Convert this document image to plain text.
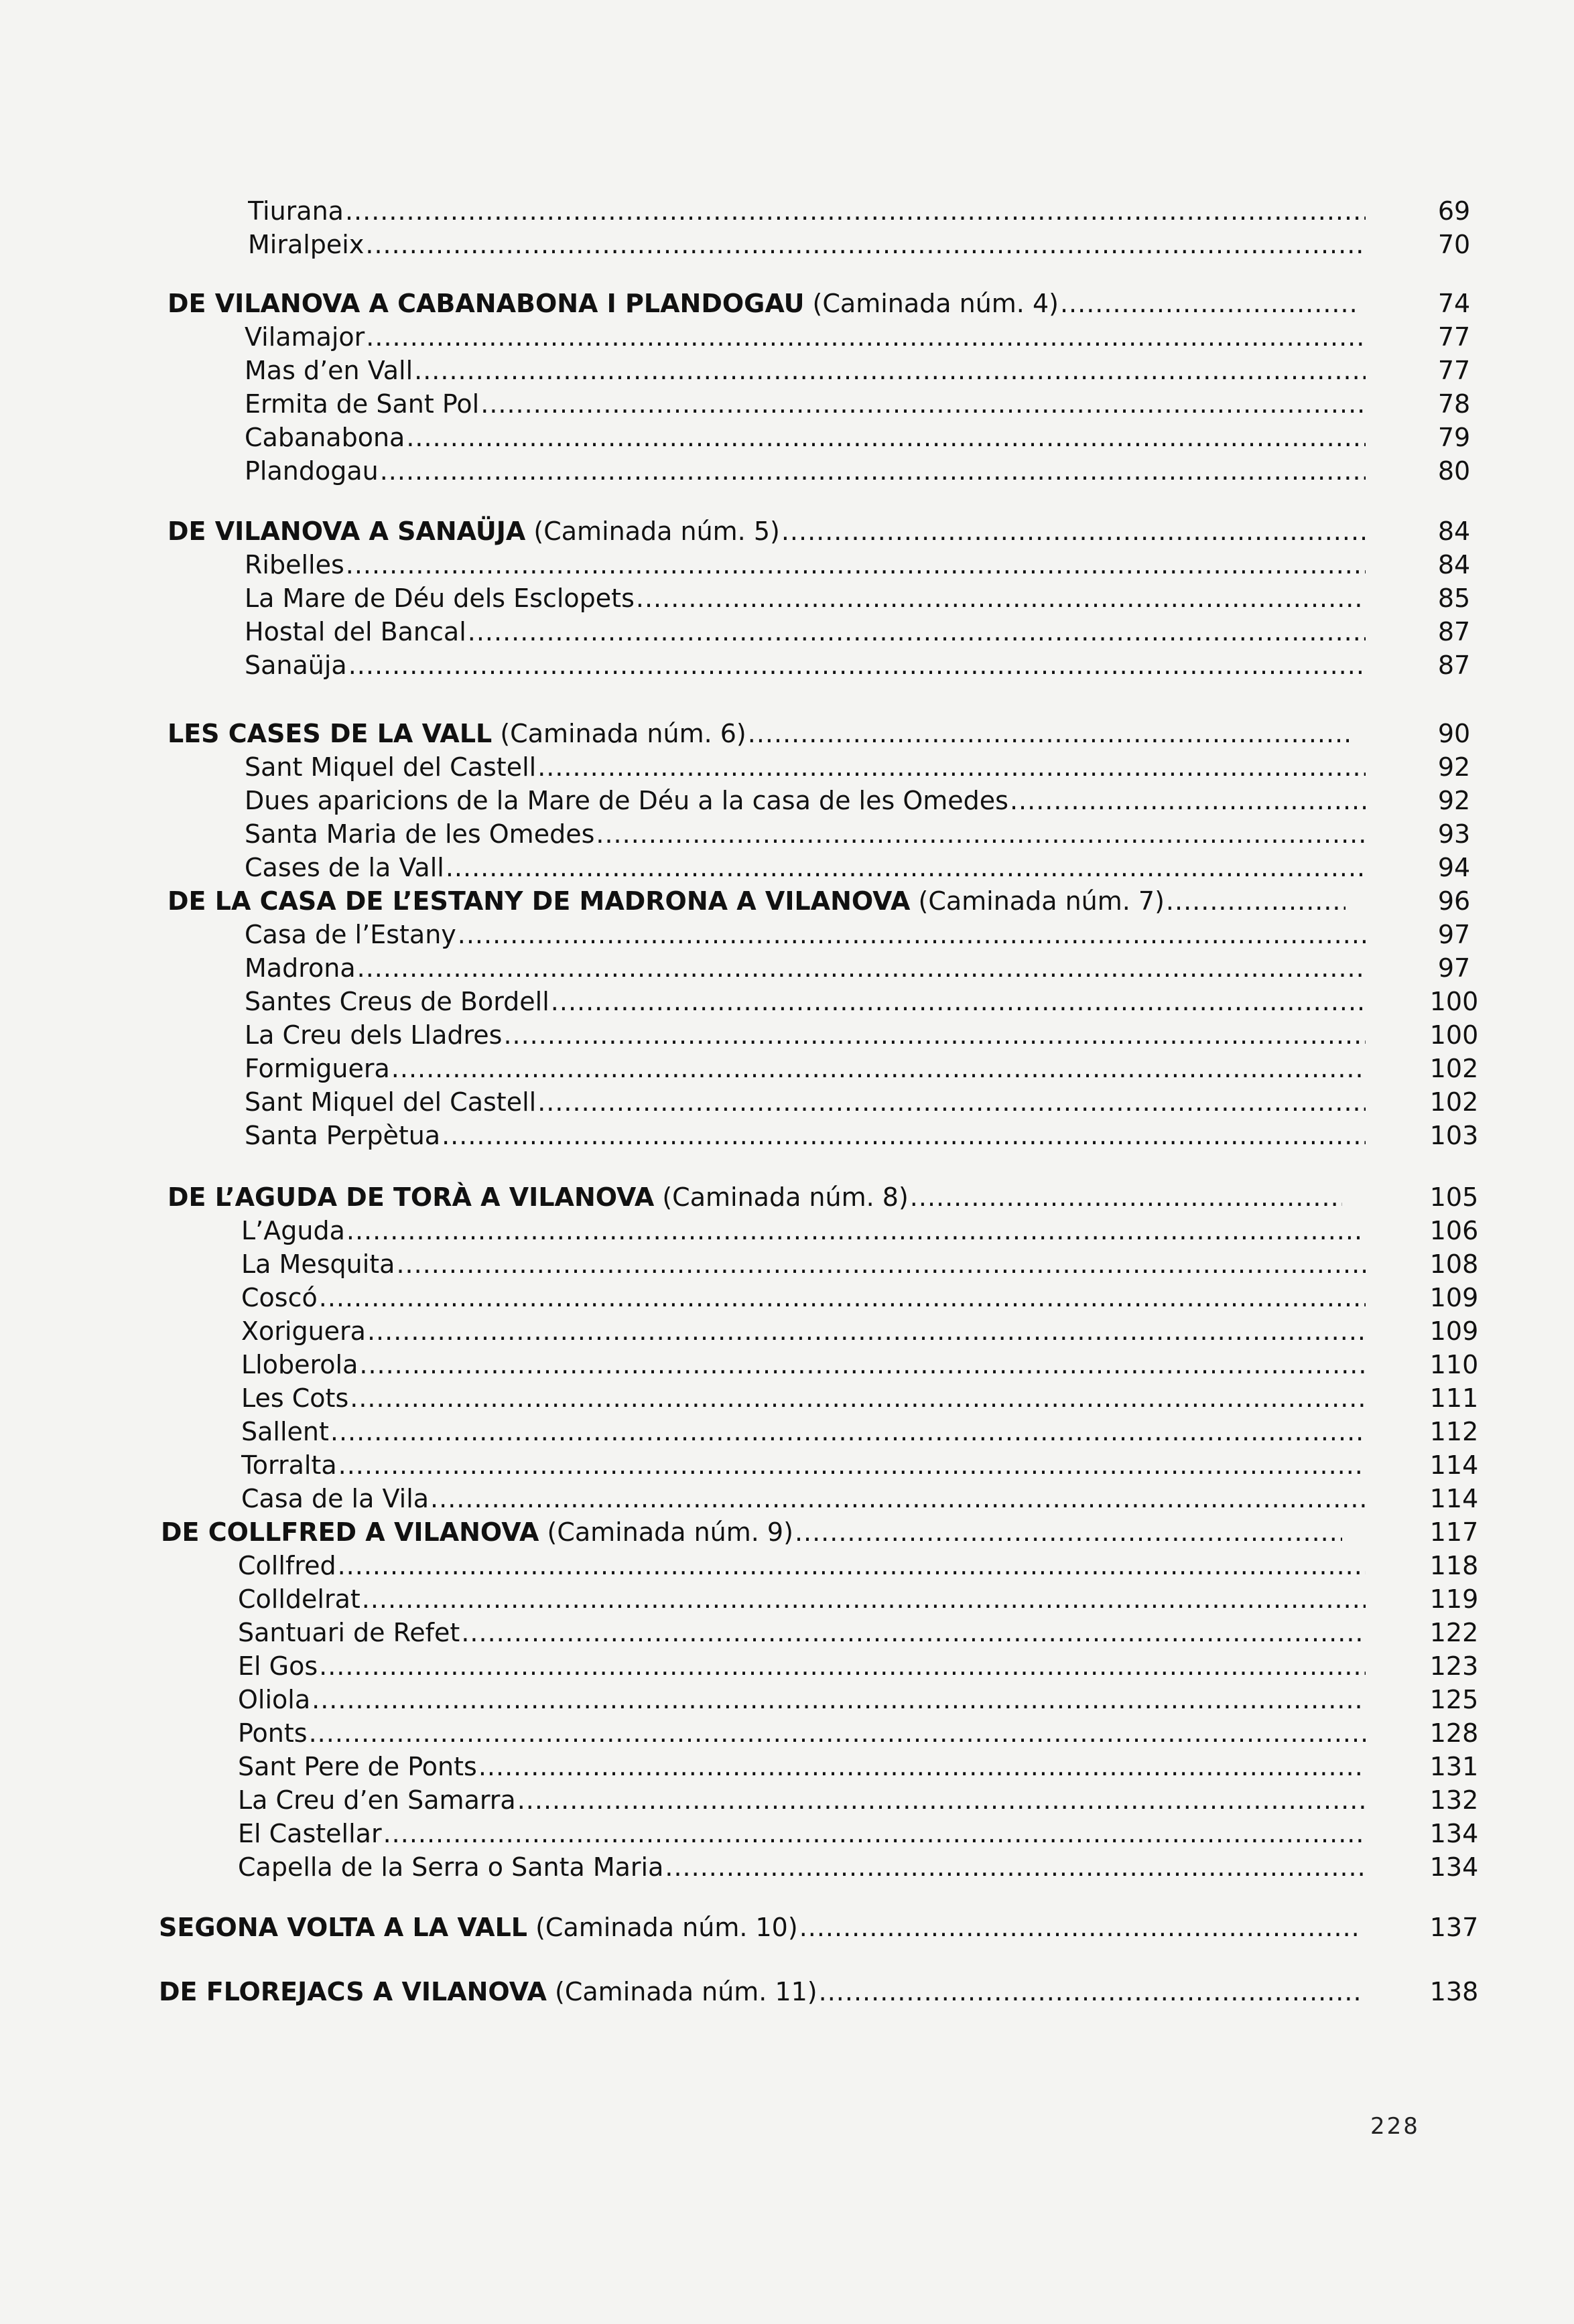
Tiurana .....	69
Miralpeix .....	70
DE VILANOVA A CABANABONA I PLANDOGAU (Caminada núm. 4) .....	74
Vilamajor .....	77
Mas d’en Vall .....	77
Ermita de Sant Pol .....	78
Cabanabona .....	79
Plandogau .....	80
DE VILANOVA A SANAÜJA (Caminada núm. 5) .....	84
Ribelles .....	84
La Mare de Déu dels Esclopets .....	85
Hostal del Bancal .....	87
Sanaüja .....	87
LES CASES DE LA VALL (Caminada núm. 6) .....	90
Sant Miquel del Castell .....	92
Dues aparicions de la Mare de Déu a la casa de les Omedes .....	92
Santa Maria de les Omedes .....	93
Cases de la Vall .....	94
DE LA CASA DE L’ESTANY DE MADRONA A VILANOVA (Caminada núm. 7) .....	96
Casa de l’Estany .....	97
Madrona .....	97
Santes Creus de Bordell .....	100
La Creu dels Lladres .....	100
Formiguera .....	102
Sant Miquel del Castell .....	102
Santa Perpètua .....	103
DE L’AGUDA DE TORÀ A VILANOVA (Caminada núm. 8) .....	105
L’Aguda .....	106
La Mesquita .....	108
Coscó .....	109
Xoriguera .....	109
Lloberola .....	110
Les Cots .....	111
Sallent .....	112
Torralta .....	114
Casa de la Vila .....	114
DE COLLFRED A VILANOVA (Caminada núm. 9) .....	117
Collfred .....	118
Colldelrat .....	119
Santuari de Refet .....	122
El Gos .....	123
Oliola .....	125
Ponts .....	128
Sant Pere de Ponts .....	131
La Creu d’en Samarra .....	132
El Castellar .....	134
Capella de la Serra o Santa Maria .....	134
SEGONA VOLTA A LA VALL (Caminada núm. 10) .....	137
DE FLOREJACS A VILANOVA (Caminada núm. 11) .....	138
228
